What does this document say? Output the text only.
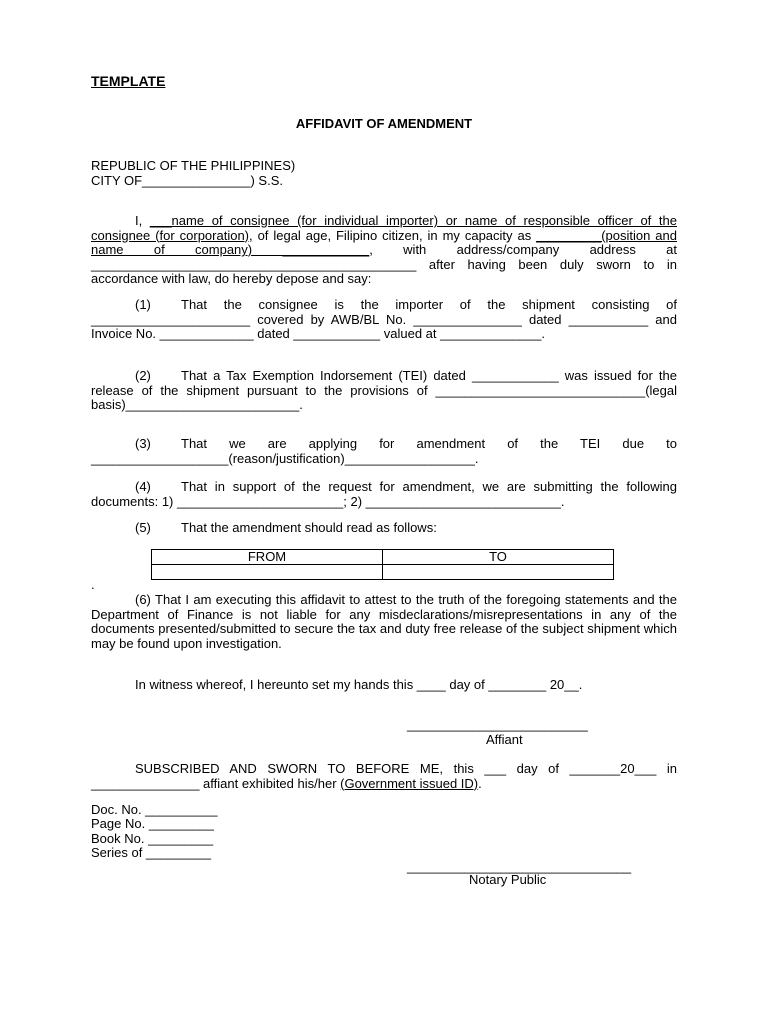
TEMPLATE
AFFIDAVIT OF AMENDMENT
REPUBLIC OF THE PHILIPPINES)
CITY OF_______________) S.S.
I, ___name of consignee (for individual importer) or name of responsible officer of the consignee (for corporation), of legal age, Filipino citizen, in my capacity as _________(position and name of company) ____________, with address/company address at _____________________________________________ after having been duly sworn to in accordance with law, do hereby depose and say:
(1) That the consignee is the importer of the shipment consisting of ______________________ covered by AWB/BL No. _______________ dated ___________ and Invoice No. _____________ dated ____________ valued at ______________.
(2) That a Tax Exemption Indorsement (TEI) dated ____________ was issued for the release of the shipment pursuant to the provisions of _____________________________(legal basis)________________________.
(3) That we are applying for amendment of the TEI due to ___________________(reason/justification)__________________.
(4) That in support of the request for amendment, we are submitting the following documents: 1) _______________________; 2) ___________________________.
(5) That the amendment should read as follows:
FROM	TO

.
(6) That I am executing this affidavit to attest to the truth of the foregoing statements and the Department of Finance is not liable for any misdeclarations/misrepresentations in any of the documents presented/submitted to secure the tax and duty free release of the subject shipment which may be found upon investigation.
In witness whereof, I hereunto set my hands this ____ day of ________ 20__.
_________________________
Affiant
SUBSCRIBED AND SWORN TO BEFORE ME, this ___ day of _______20___ in _______________ affiant exhibited his/her (Government issued ID).
Doc. No. __________
Page No. _________
Book No. _________
Series of _________
_______________________________
Notary Public
